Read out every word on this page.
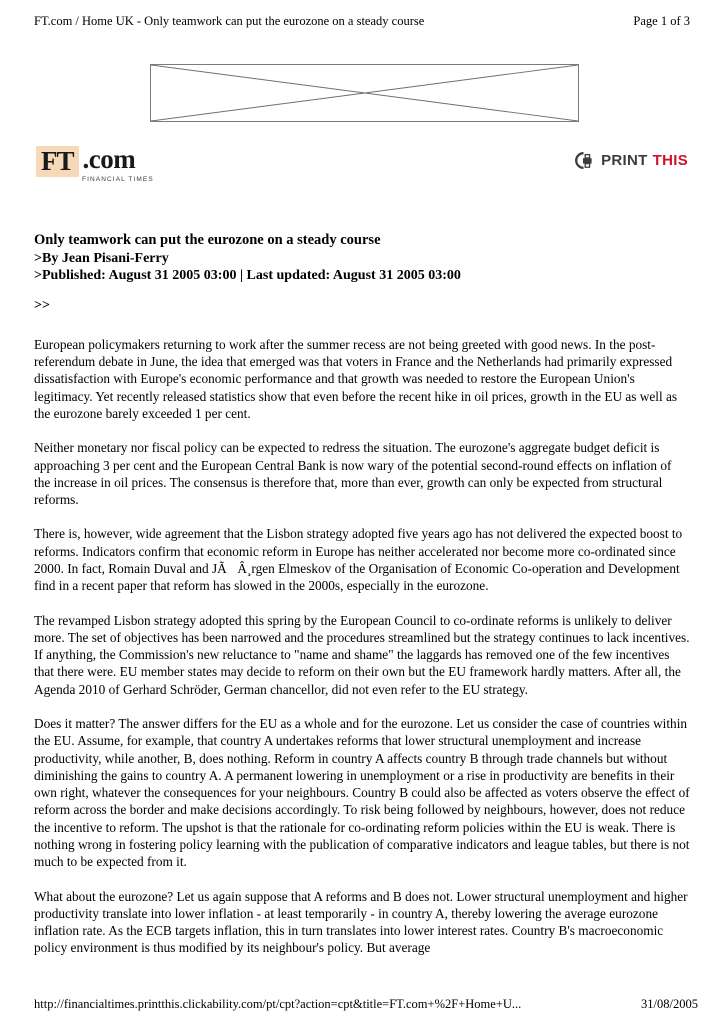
FT.com / Home UK - Only teamwork can put the eurozone on a steady course	Page 1 of 3
FT .com
FINANCIAL TIMES
PRINT THIS
Only teamwork can put the eurozone on a steady course
>By Jean Pisani-Ferry
>Published: August 31 2005 03:00 | Last updated: August 31 2005 03:00
>>

European policymakers returning to work after the summer recess are not being greeted with good news. In the post-referendum debate in June, the idea that emerged was that voters in France and the Netherlands had primarily expressed dissatisfaction with Europe's economic performance and that growth was needed to restore the European Union's legitimacy. Yet recently released statistics show that even before the recent hike in oil prices, growth in the EU as well as the eurozone barely exceeded 1 per cent.

Neither monetary nor fiscal policy can be expected to redress the situation. The eurozone's aggregate budget deficit is approaching 3 per cent and the European Central Bank is now wary of the potential second-round effects on inflation of the increase in oil prices. The consensus is therefore that, more than ever, growth can only be expected from structural reforms.

There is, however, wide agreement that the Lisbon strategy adopted five years ago has not delivered the expected boost to reforms. Indicators confirm that economic reform in Europe has neither accelerated nor become more co-ordinated since 2000. In fact, Romain Duval and JÃÂ¸rgen Elmeskov of the Organisation of Economic Co-operation and Development find in a recent paper that reform has slowed in the 2000s, especially in the eurozone.

The revamped Lisbon strategy adopted this spring by the European Council to co-ordinate reforms is unlikely to deliver more. The set of objectives has been narrowed and the procedures streamlined but the strategy continues to lack incentives. If anything, the Commission's new reluctance to "name and shame" the laggards has removed one of the few incentives that there were. EU member states may decide to reform on their own but the EU framework hardly matters. After all, the Agenda 2010 of Gerhard Schröder, German chancellor, did not even refer to the EU strategy.

Does it matter? The answer differs for the EU as a whole and for the eurozone. Let us consider the case of countries within the EU. Assume, for example, that country A undertakes reforms that lower structural unemployment and increase productivity, while another, B, does nothing. Reform in country A affects country B through trade channels but without diminishing the gains to country A. A permanent lowering in unemployment or a rise in productivity are benefits in their own right, whatever the consequences for your neighbours. Country B could also be affected as voters observe the effect of reform across the border and make decisions accordingly. To risk being followed by neighbours, however, does not reduce the incentive to reform. The upshot is that the rationale for co-ordinating reform policies within the EU is weak. There is nothing wrong in fostering policy learning with the publication of comparative indicators and league tables, but there is not much to be expected from it.

What about the eurozone? Let us again suppose that A reforms and B does not. Lower structural unemployment and higher productivity translate into lower inflation - at least temporarily - in country A, thereby lowering the average eurozone inflation rate. As the ECB targets inflation, this in turn translates into lower interest rates. Country B's macroeconomic policy environment is thus modified by its neighbour's policy. But average

http://financialtimes.printthis.clickability.com/pt/cpt?action=cpt&title=FT.com+%2F+Home+U...	31/08/2005
